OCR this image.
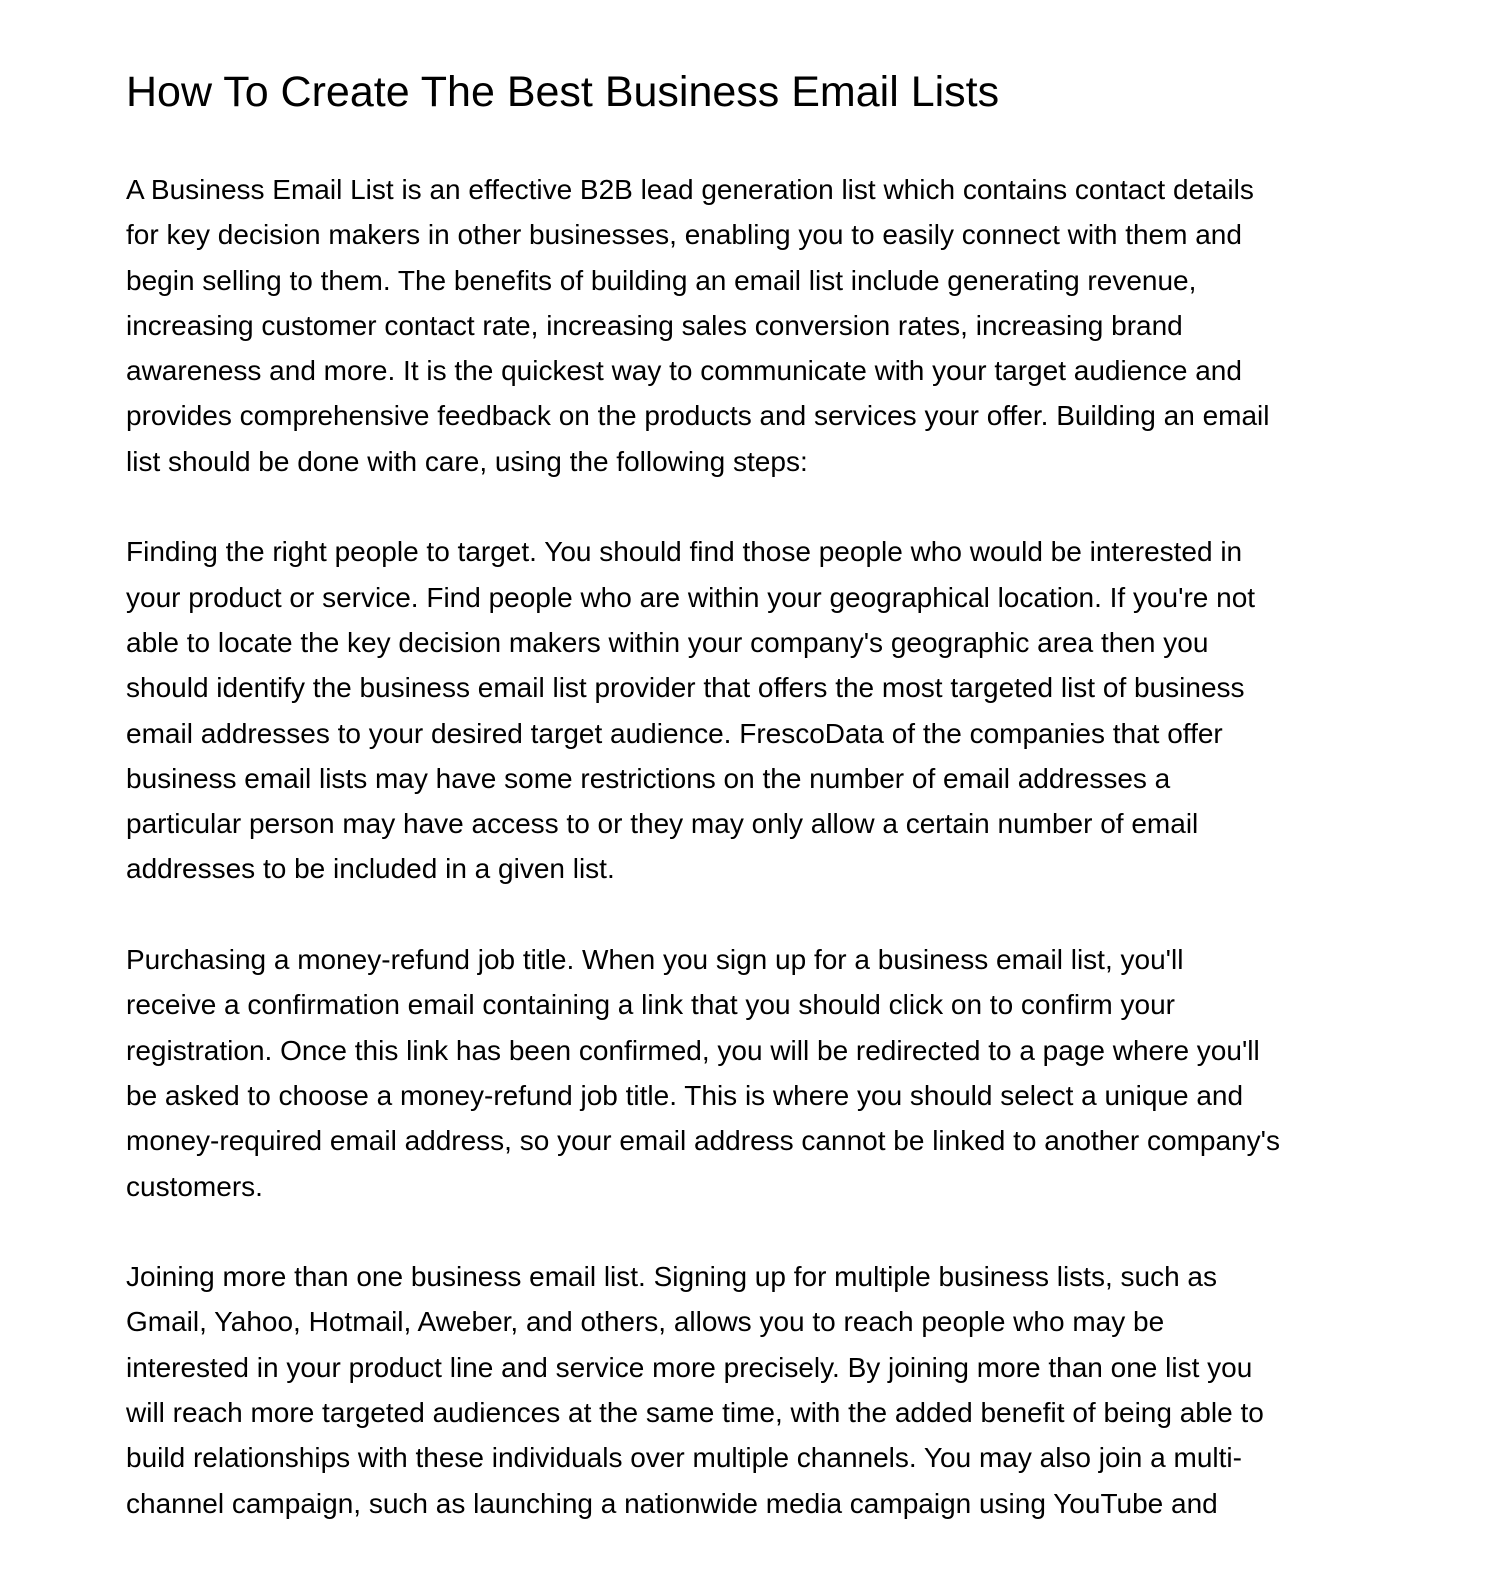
How To Create The Best Business Email Lists

A Business Email List is an effective B2B lead generation list which contains contact details
for key decision makers in other businesses, enabling you to easily connect with them and
begin selling to them. The benefits of building an email list include generating revenue,
increasing customer contact rate, increasing sales conversion rates, increasing brand
awareness and more. It is the quickest way to communicate with your target audience and
provides comprehensive feedback on the products and services your offer. Building an email
list should be done with care, using the following steps:

Finding the right people to target. You should find those people who would be interested in
your product or service. Find people who are within your geographical location. If you're not
able to locate the key decision makers within your company's geographic area then you
should identify the business email list provider that offers the most targeted list of business
email addresses to your desired target audience. FrescoData of the companies that offer
business email lists may have some restrictions on the number of email addresses a
particular person may have access to or they may only allow a certain number of email
addresses to be included in a given list.

Purchasing a money-refund job title. When you sign up for a business email list, you'll
receive a confirmation email containing a link that you should click on to confirm your
registration. Once this link has been confirmed, you will be redirected to a page where you'll
be asked to choose a money-refund job title. This is where you should select a unique and
money-required email address, so your email address cannot be linked to another company's
customers.

Joining more than one business email list. Signing up for multiple business lists, such as
Gmail, Yahoo, Hotmail, Aweber, and others, allows you to reach people who may be
interested in your product line and service more precisely. By joining more than one list you
will reach more targeted audiences at the same time, with the added benefit of being able to
build relationships with these individuals over multiple channels. You may also join a multi-
channel campaign, such as launching a nationwide media campaign using YouTube and
